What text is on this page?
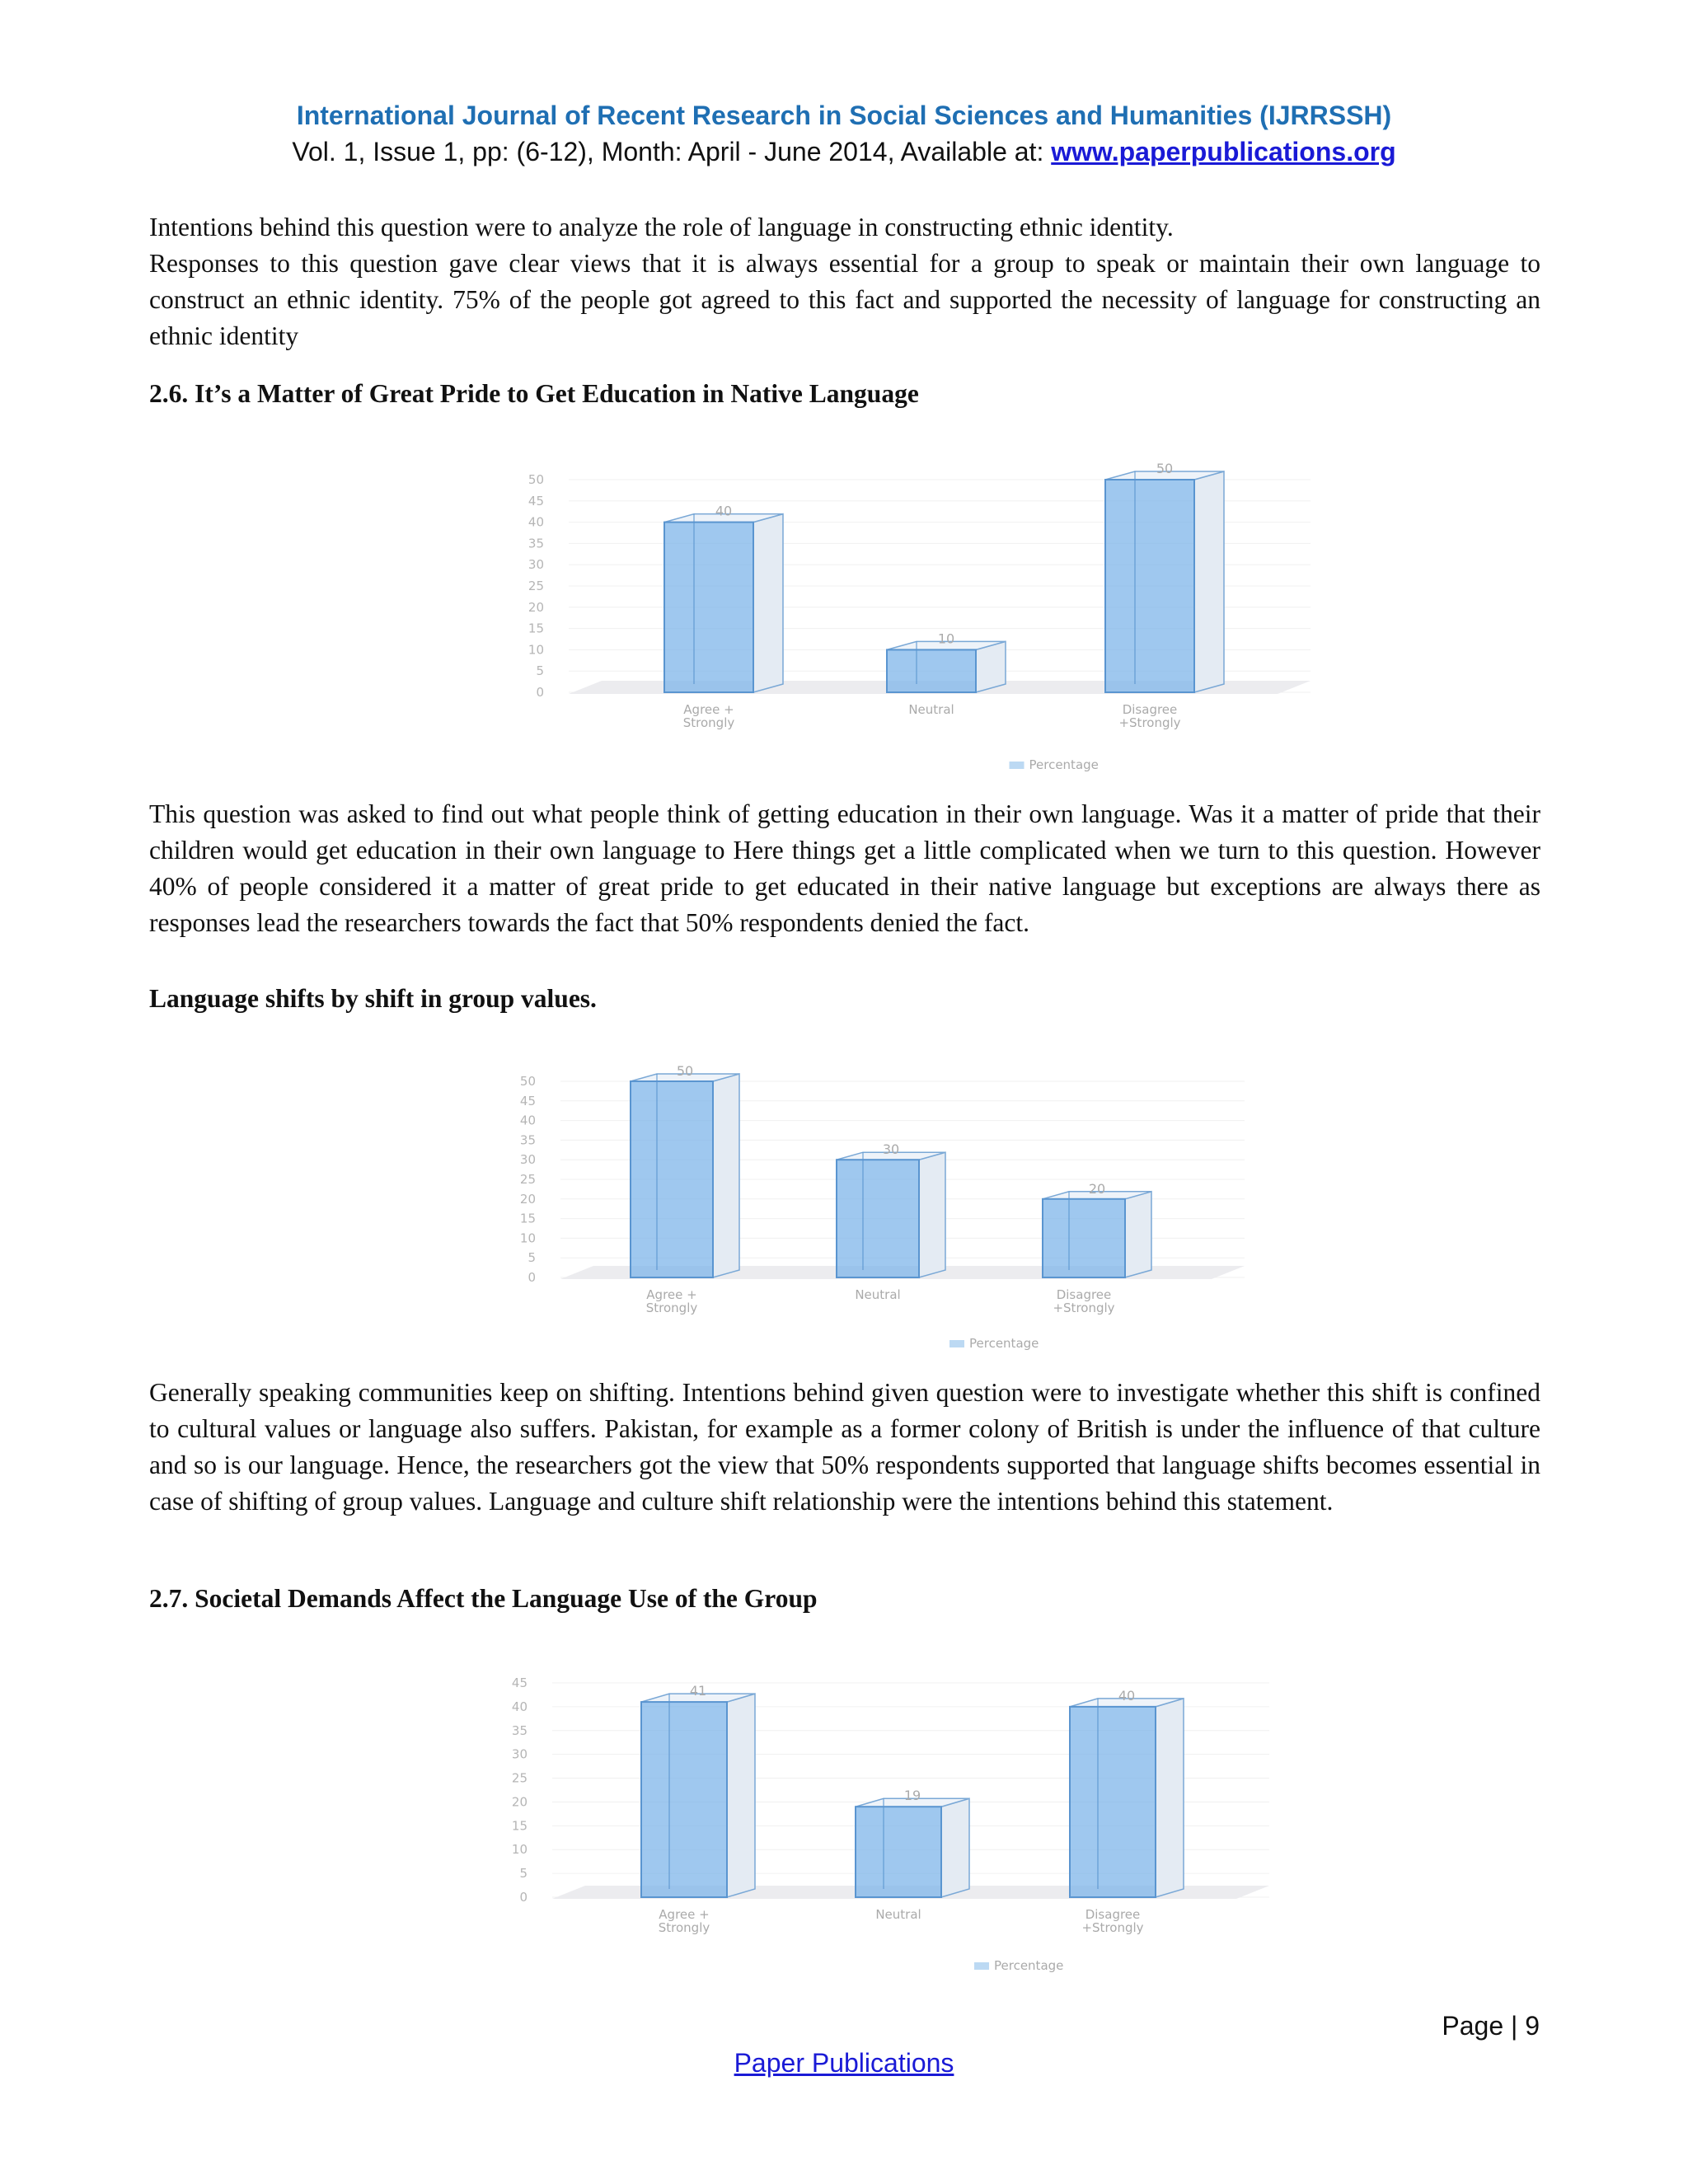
International Journal of Recent Research in Social Sciences and Humanities (IJRRSSH)
Vol. 1, Issue 1, pp: (6-12), Month: April - June 2014, Available at: www.paperpublications.org

Intentions behind this question were to analyze the role of language in constructing ethnic identity.

Responses to this question gave clear views that it is always essential for a group to speak or maintain their own language to construct an ethnic identity. 75% of the people got agreed to this fact and supported the necessity of language for constructing an ethnic identity

2.6. It’s a Matter of Great Pride to Get Education in Native Language
0
5
10
15
20
25
30
35
40
45
50
40
Agree +
Strongly
10
Neutral
50
Disagree
+Strongly
Percentage
This question was asked to find out what people think of getting education in their own language. Was it a matter of pride that their children would get education in their own language to Here things get a little complicated when we turn to this question. However 40% of people considered it a matter of great pride to get educated in their native language but exceptions are always there as responses lead the researchers towards the fact that 50% respondents denied the fact.
Language shifts by shift in group values.
0
5
10
15
20
25
30
35
40
45
50
50
Agree +
Strongly
30
Neutral
20
Disagree
+Strongly
Percentage
Generally speaking communities keep on shifting. Intentions behind given question were to investigate whether this shift is confined to cultural values or language also suffers. Pakistan, for example as a former colony of British is under the influence of that culture and so is our language. Hence, the researchers got the view that 50% respondents supported that language shifts becomes essential in case of shifting of group values. Language and culture shift relationship were the intentions behind this statement.
2.7. Societal Demands Affect the Language Use of the Group
0
5
10
15
20
25
30
35
40
45
41
Agree +
Strongly
19
Neutral
40
Disagree
+Strongly
Percentage
Page | 9
Paper Publications
